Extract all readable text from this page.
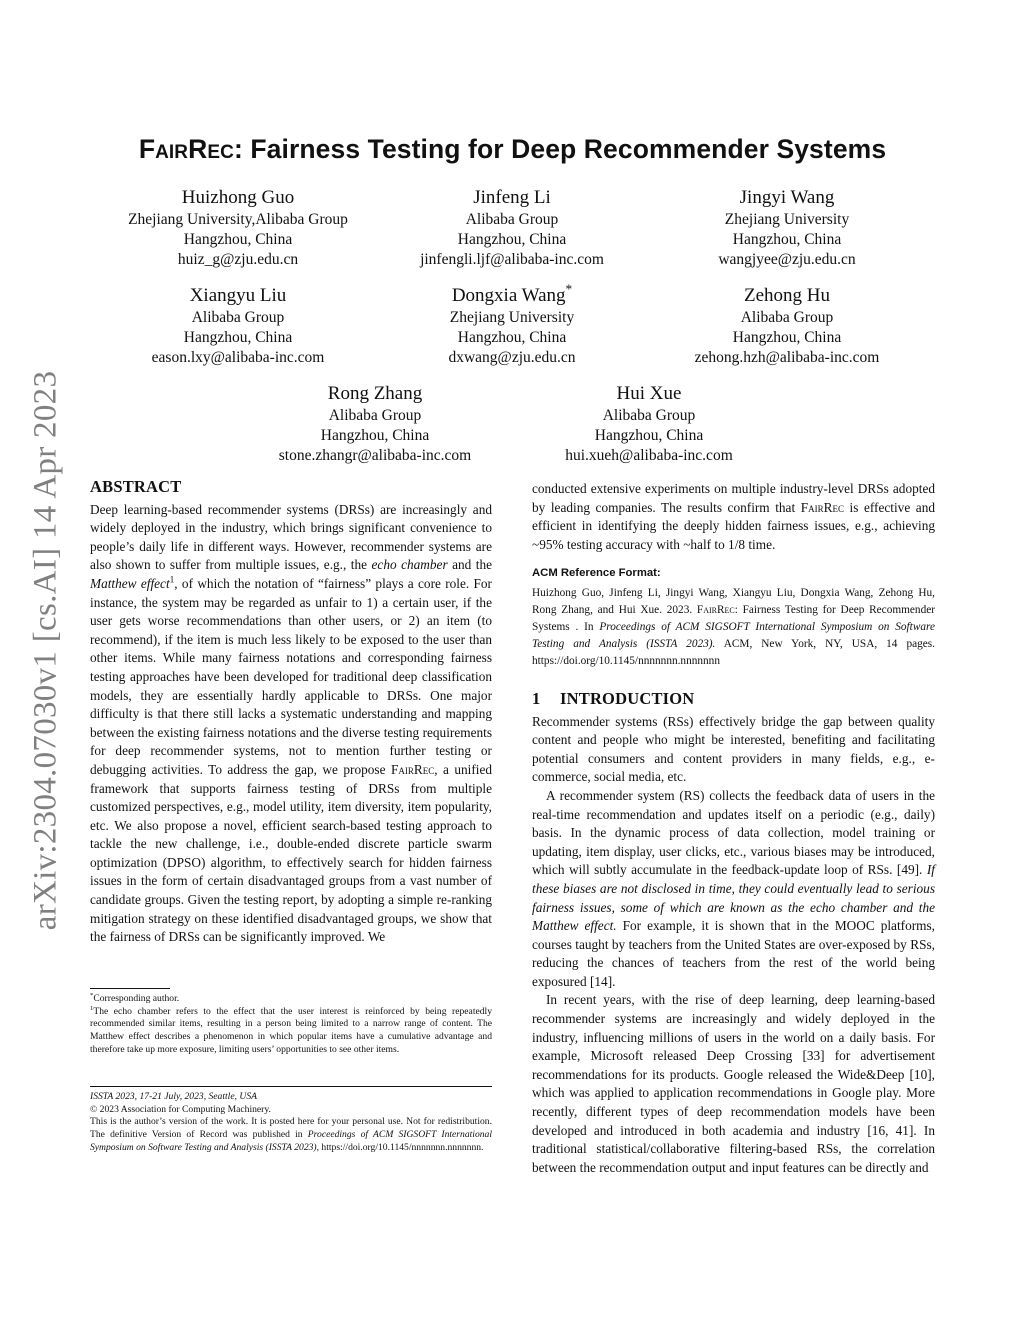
arXiv:2304.07030v1 [cs.AI] 14 Apr 2023
FairRec: Fairness Testing for Deep Recommender Systems
Huizhong Guo
Zhejiang University,Alibaba Group
Hangzhou, China
huiz_g@zju.edu.cn
Jinfeng Li
Alibaba Group
Hangzhou, China
jinfengli.ljf@alibaba-inc.com
Jingyi Wang
Zhejiang University
Hangzhou, China
wangjyee@zju.edu.cn
Xiangyu Liu
Alibaba Group
Hangzhou, China
eason.lxy@alibaba-inc.com
Dongxia Wang*
Zhejiang University
Hangzhou, China
dxwang@zju.edu.cn
Zehong Hu
Alibaba Group
Hangzhou, China
zehong.hzh@alibaba-inc.com
Rong Zhang
Alibaba Group
Hangzhou, China
stone.zhangr@alibaba-inc.com
Hui Xue
Alibaba Group
Hangzhou, China
hui.xueh@alibaba-inc.com
ABSTRACT

Deep learning-based recommender systems (DRSs) are increasingly and widely deployed in the industry, which brings significant convenience to people’s daily life in different ways. However, recommender systems are also shown to suffer from multiple issues, e.g., the echo chamber and the Matthew effect$^1$, of which the notation of “fairness” plays a core role. For instance, the system may be regarded as unfair to 1) a certain user, if the user gets worse recommendations than other users, or 2) an item (to recommend), if the item is much less likely to be exposed to the user than other items. While many fairness notations and corresponding fairness testing approaches have been developed for traditional deep classification models, they are essentially hardly applicable to DRSs. One major difficulty is that there still lacks a systematic understanding and mapping between the existing fairness notations and the diverse testing requirements for deep recommender systems, not to mention further testing or debugging activities. To address the gap, we propose FairRec, a unified framework that supports fairness testing of DRSs from multiple customized perspectives, e.g., model utility, item diversity, item popularity, etc. We also propose a novel, efficient search-based testing approach to tackle the new challenge, i.e., double-ended discrete particle swarm optimization (DPSO) algorithm, to effectively search for hidden fairness issues in the form of certain disadvantaged groups from a vast number of candidate groups. Given the testing report, by adopting a simple re-ranking mitigation strategy on these identified disadvantaged groups, we show that the fairness of DRSs can be significantly improved. We

*Corresponding author.

$^1$The echo chamber refers to the effect that the user interest is reinforced by being repeatedly recommended similar items, resulting in a person being limited to a narrow range of content. The Matthew effect describes a phenomenon in which popular items have a cumulative advantage and therefore take up more exposure, limiting users’ opportunities to see other items.

ISSTA 2023, 17-21 July, 2023, Seattle, USA

© 2023 Association for Computing Machinery.

This is the author’s version of the work. It is posted here for your personal use. Not for redistribution. The definitive Version of Record was published in Proceedings of ACM SIGSOFT International Symposium on Software Testing and Analysis (ISSTA 2023), https://doi.org/10.1145/nnnnnnn.nnnnnnn.

conducted extensive experiments on multiple industry-level DRSs adopted by leading companies. The results confirm that FairRec is effective and efficient in identifying the deeply hidden fairness issues, e.g., achieving ~95% testing accuracy with ~half to 1/8 time.

ACM Reference Format:
Huizhong Guo, Jinfeng Li, Jingyi Wang, Xiangyu Liu, Dongxia Wang, Zehong Hu, Rong Zhang, and Hui Xue. 2023. FairRec: Fairness Testing for Deep Recommender Systems . In Proceedings of ACM SIGSOFT International Symposium on Software Testing and Analysis (ISSTA 2023). ACM, New York, NY, USA, 14 pages. https://doi.org/10.1145/nnnnnnn.nnnnnnn
1 INTRODUCTION

Recommender systems (RSs) effectively bridge the gap between quality content and people who might be interested, benefiting and facilitating potential consumers and content providers in many fields, e.g., e-commerce, social media, etc.

A recommender system (RS) collects the feedback data of users in the real-time recommendation and updates itself on a periodic (e.g., daily) basis. In the dynamic process of data collection, model training or updating, item display, user clicks, etc., various biases may be introduced, which will subtly accumulate in the feedback-update loop of RSs. [49]. If these biases are not disclosed in time, they could eventually lead to serious fairness issues, some of which are known as the echo chamber and the Matthew effect. For example, it is shown that in the MOOC platforms, courses taught by teachers from the United States are over-exposed by RSs, reducing the chances of teachers from the rest of the world being exposured [14].

In recent years, with the rise of deep learning, deep learning-based recommender systems are increasingly and widely deployed in the industry, influencing millions of users in the world on a daily basis. For example, Microsoft released Deep Crossing [33] for advertisement recommendations for its products. Google released the Wide&Deep [10], which was applied to application recommendations in Google play. More recently, different types of deep recommendation models have been developed and introduced in both academia and industry [16, 41]. In traditional statistical/collaborative filtering-based RSs, the correlation between the recommendation output and input features can be directly and
